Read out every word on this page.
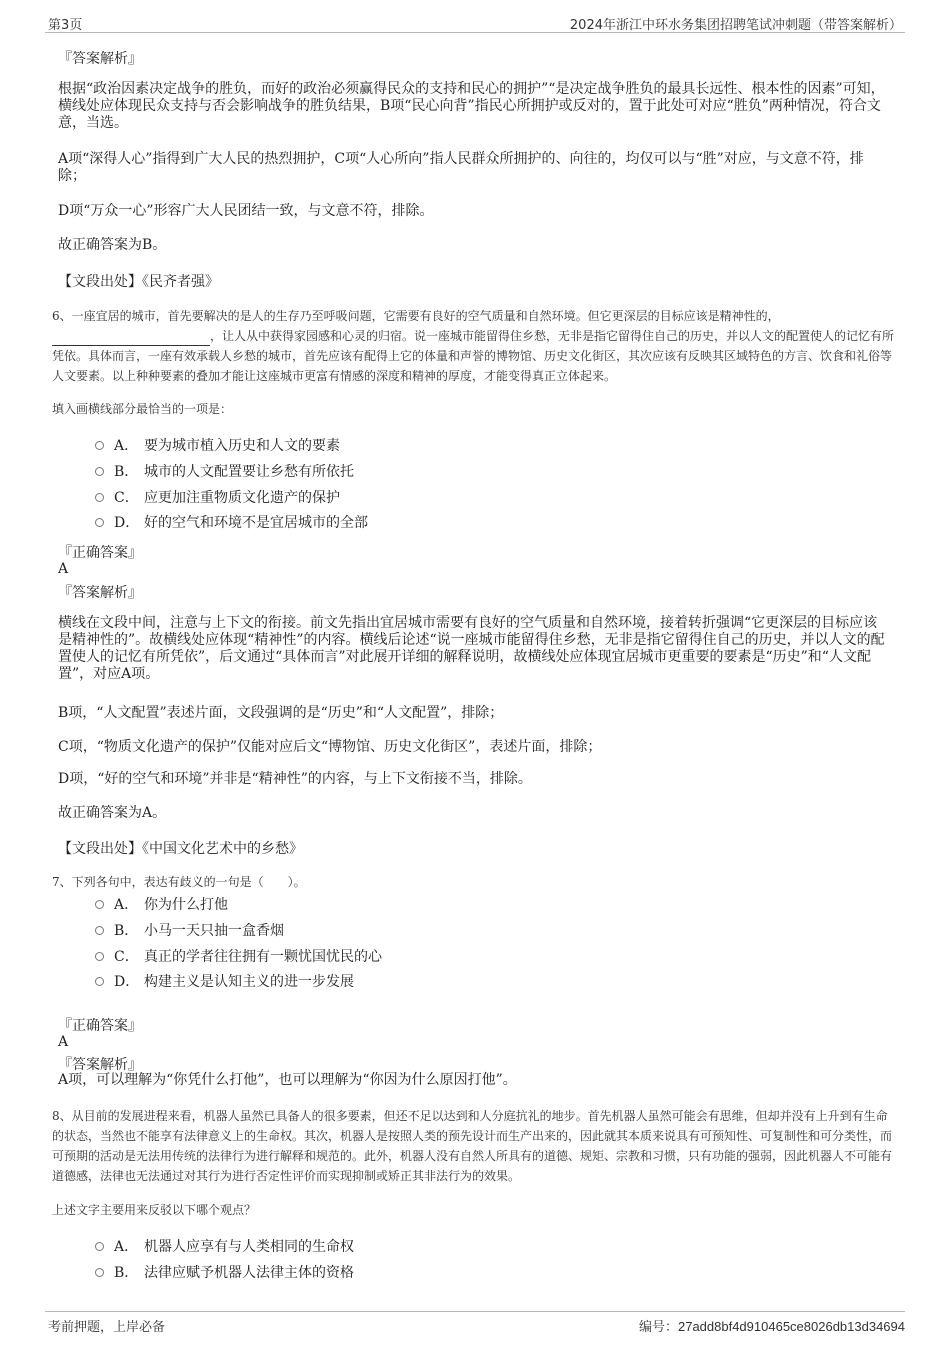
第3页	2024年浙江中环水务集团招聘笔试冲刺题（带答案解析）
『答案解析』
根据“政治因素决定战争的胜负，而好的政治必须赢得民众的支持和民心的拥护”“是决定战争胜负的最具长远性、根本性的因素”可知，横线处应体现民众支持与否会影响战争的胜负结果，B项“民心向背”指民心所拥护或反对的，置于此处可对应“胜负”两种情况，符合文意，当选。
A项“深得人心”指得到广大人民的热烈拥护，C项“人心所向”指人民群众所拥护的、向往的，均仅可以与“胜”对应，与文意不符，排除；
D项“万众一心”形容广大人民团结一致，与文意不符，排除。
故正确答案为B。
【文段出处】《民齐者强》
6、一座宜居的城市，首先要解决的是人的生存乃至呼吸问题，它需要有良好的空气质量和自然环境。但它更深层的目标应该是精神性的，
，让人从中获得家园感和心灵的归宿。说一座城市能留得住乡愁，无非是指它留得住自己的历史，并以人文的配置使人的记忆有所凭依。具体而言，一座有效承载人乡愁的城市，首先应该有配得上它的体量和声誉的博物馆、历史文化街区，其次应该有反映其区域特色的方言、饮食和礼俗等人文要素。以上种种要素的叠加才能让这座城市更富有情感的深度和精神的厚度，才能变得真正立体起来。
填入画横线部分最恰当的一项是：
A． 要为城市植入历史和人文的要素
B． 城市的人文配置要让乡愁有所依托
C． 应更加注重物质文化遗产的保护
D． 好的空气和环境不是宜居城市的全部
『正确答案』
A
『答案解析』
横线在文段中间，注意与上下文的衔接。前文先指出宜居城市需要有良好的空气质量和自然环境，接着转折强调“它更深层的目标应该是精神性的”。故横线处应体现“精神性”的内容。横线后论述“说一座城市能留得住乡愁，无非是指它留得住自己的历史，并以人文的配置使人的记忆有所凭依”，后文通过“具体而言”对此展开详细的解释说明，故横线处应体现宜居城市更重要的要素是“历史”和“人文配置”，对应A项。
B项，“人文配置”表述片面，文段强调的是“历史”和“人文配置”，排除；
C项，“物质文化遗产的保护”仅能对应后文“博物馆、历史文化街区”，表述片面，排除；
D项，“好的空气和环境”并非是“精神性”的内容，与上下文衔接不当，排除。
故正确答案为A。
【文段出处】《中国文化艺术中的乡愁》
7、下列各句中，表达有歧义的一句是（　　）。
A． 你为什么打他
B． 小马一天只抽一盒香烟
C． 真正的学者往往拥有一颗忧国忧民的心
D． 构建主义是认知主义的进一步发展
『正确答案』
A
『答案解析』
A项，可以理解为“你凭什么打他”，也可以理解为“你因为什么原因打他”。
8、从目前的发展进程来看，机器人虽然已具备人的很多要素，但还不足以达到和人分庭抗礼的地步。首先机器人虽然可能会有思维，但却并没有上升到有生命的状态，当然也不能享有法律意义上的生命权。其次，机器人是按照人类的预先设计而生产出来的，因此就其本质来说具有可预知性、可复制性和可分类性，而可预期的活动是无法用传统的法律行为进行解释和规范的。此外，机器人没有自然人所具有的道德、规矩、宗教和习惯，只有功能的强弱，因此机器人不可能有道德感，法律也无法通过对其行为进行否定性评价而实现抑制或矫正其非法行为的效果。
上述文字主要用来反驳以下哪个观点？
A． 机器人应享有与人类相同的生命权
B． 法律应赋予机器人法律主体的资格
考前押题，上岸必备	编号：27add8bf4d910465ce8026db13d34694
